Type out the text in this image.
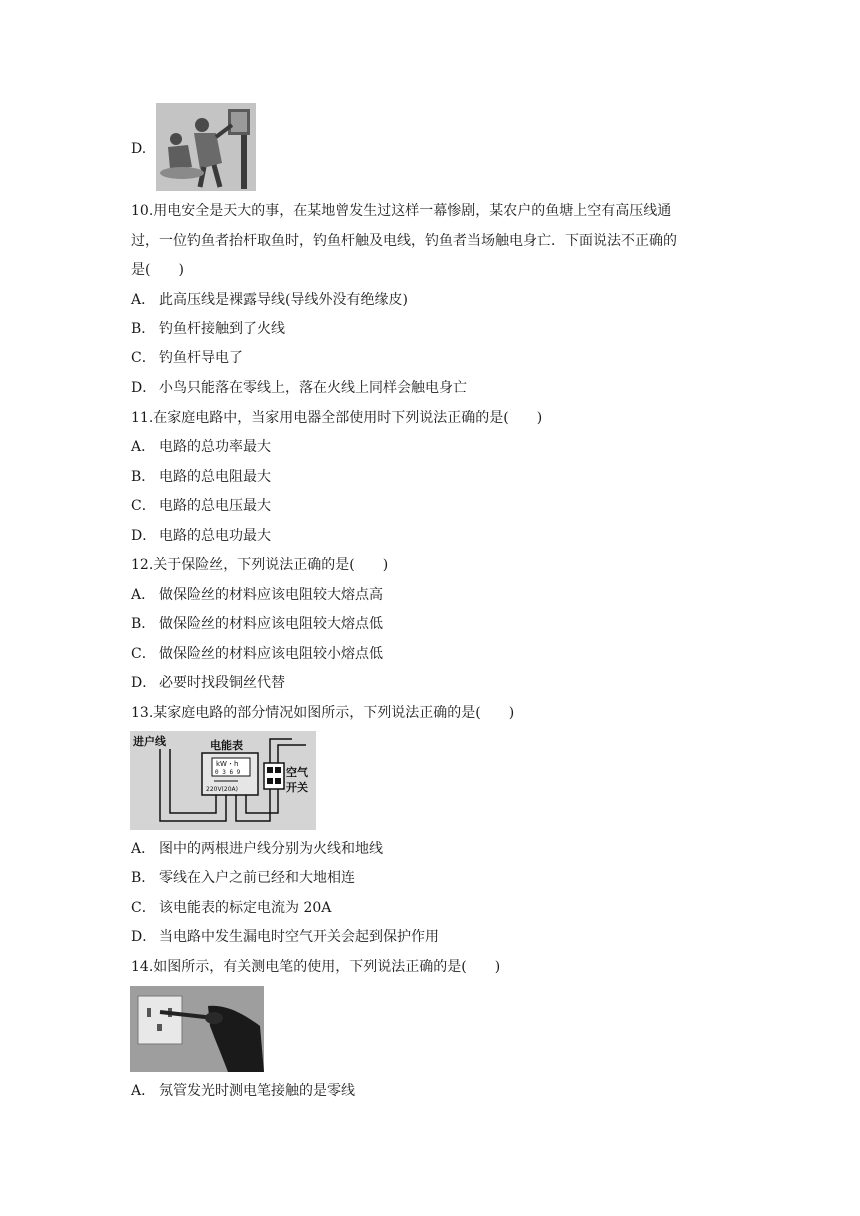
D.
10.用电安全是天大的事，在某地曾发生过这样一幕惨剧，某农户的鱼塘上空有高压线通
过，一位钓鱼者抬杆取鱼时，钓鱼杆触及电线，钓鱼者当场触电身亡．下面说法不正确的
是(　　)
A． 此高压线是裸露导线(导线外没有绝缘皮)
B． 钓鱼杆接触到了火线
C． 钓鱼杆导电了
D． 小鸟只能落在零线上，落在火线上同样会触电身亡
11.在家庭电路中，当家用电器全部使用时下列说法正确的是(　　)
A． 电路的总功率最大
B． 电路的总电阻最大
C． 电路的总电压最大
D． 电路的总电功最大
12.关于保险丝，下列说法正确的是(　　)
A． 做保险丝的材料应该电阻较大熔点高
B． 做保险丝的材料应该电阻较大熔点低
C． 做保险丝的材料应该电阻较小熔点低
D． 必要时找段铜丝代替
13.某家庭电路的部分情况如图所示，下列说法正确的是(　　)
进户线	电能表
kW・h
0 3 6 9
220V(20A)
空气
开关
A． 图中的两根进户线分别为火线和地线
B． 零线在入户之前已经和大地相连
C． 该电能表的标定电流为 20A
D． 当电路中发生漏电时空气开关会起到保护作用
14.如图所示，有关测电笔的使用，下列说法正确的是(　　)
A． 氖管发光时测电笔接触的是零线
